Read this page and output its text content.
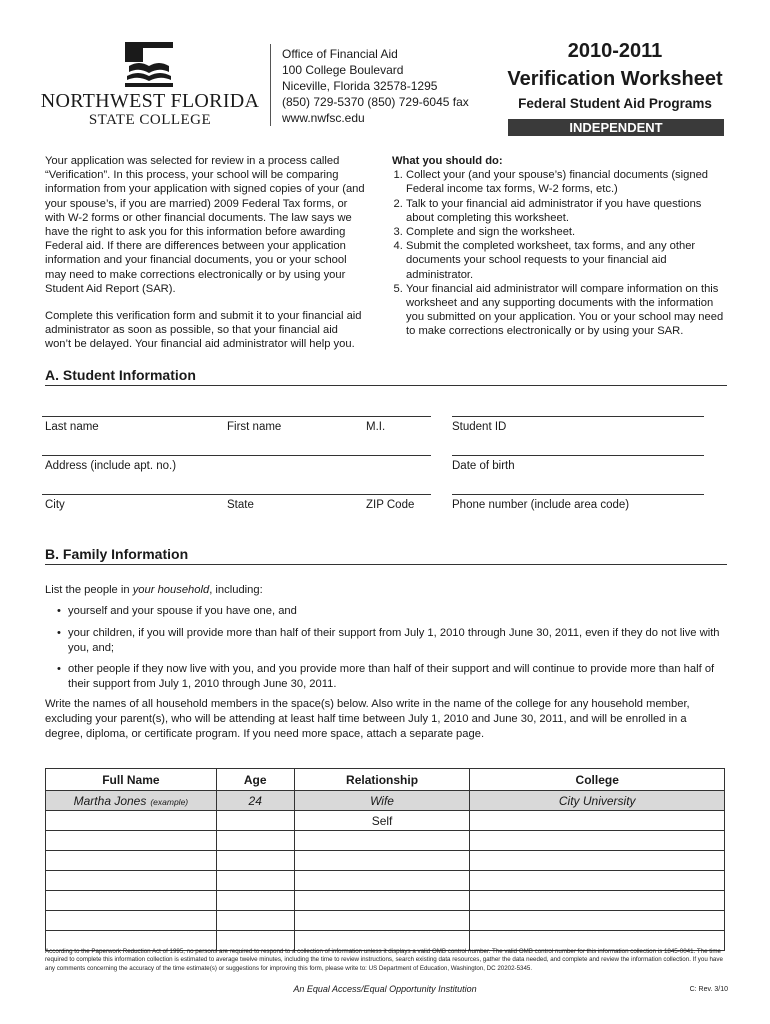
NORTHWEST FLORIDA
STATE COLLEGE
Office of Financial Aid
100 College Boulevard
Niceville, Florida 32578-1295
(850) 729-5370 (850) 729-6045 fax
www.nwfsc.edu
2010-2011
Verification Worksheet
Federal Student Aid Programs
INDEPENDENT

Your application was selected for review in a process called “Verification”. In this process, your school will be comparing information from your application with signed copies of your (and your spouse’s, if you are married) 2009 Federal Tax forms, or with W-2 forms or other financial documents. The law says we have the right to ask you for this information before awarding Federal aid. If there are differences between your application information and your financial documents, you or your school may need to make corrections electronically or by using your Student Aid Report (SAR).

Complete this verification form and submit it to your financial aid administrator as soon as possible, so that your financial aid won’t be delayed. Your financial aid administrator will help you.

What you should do:
1. Collect your (and your spouse’s) financial documents (signed Federal income tax forms, W-2 forms, etc.)
2. Talk to your financial aid administrator if you have questions about completing this worksheet.
3. Complete and sign the worksheet.
4. Submit the completed worksheet, tax forms, and any other documents your school requests to your financial aid administrator.
5. Your financial aid administrator will compare information on this worksheet and any supporting documents with the information you submitted on your application. You or your school may need to make corrections electronically or by using your SAR.
A. Student Information
Last name	First name	M.I.	Student ID
Address (include apt. no.)	Date of birth
City	State	ZIP Code	Phone number (include area code)
B. Family Information
List the people in your household, including:
• yourself and your spouse if you have one, and
• your children, if you will provide more than half of their support from July 1, 2010 through June 30, 2011, even if they do not live with you, and;
• other people if they now live with you, and you provide more than half of their support and will continue to provide more than half of their support from July 1, 2010 through June 30, 2011.
Write the names of all household members in the space(s) below. Also write in the name of the college for any household member, excluding your parent(s), who will be attending at least half time between July 1, 2010 and June 30, 2011, and will be enrolled in a degree, diploma, or certificate program. If you need more space, attach a separate page.
Full Name	Age	Relationship	College
Martha Jones (example)	24	Wife	City University
		Self	

According to the Paperwork Reduction Act of 1995, no persons are required to respond to a collection of information unless it displays a valid OMB control number. The valid OMB control number for this information collection is 1845-0041. The time required to complete this information collection is estimated to average twelve minutes, including the time to review instructions, search existing data resources, gather the data needed, and complete and review the information collection. If you have any comments concerning the accuracy of the time estimate(s) or suggestions for improving this form, please write to: US Department of Education, Washington, DC 20202-5345.
An Equal Access/Equal Opportunity Institution	C: Rev. 3/10
